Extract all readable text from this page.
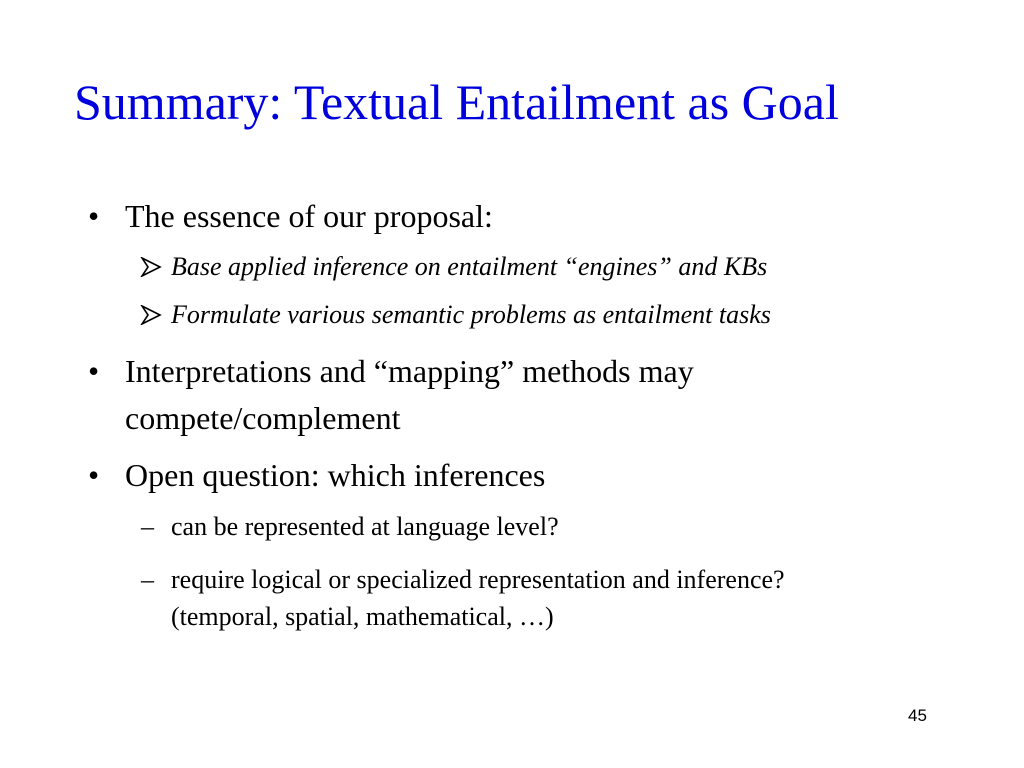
Summary: Textual Entailment as Goal
• The essence of our proposal:
Base applied inference on entailment “engines” and KBs
Formulate various semantic problems as entailment tasks
• Interpretations and “mapping” methods may
compete/complement
• Open question: which inferences
– can be represented at language level?
– require logical or specialized representation and inference?
(temporal, spatial, mathematical, …)
45
